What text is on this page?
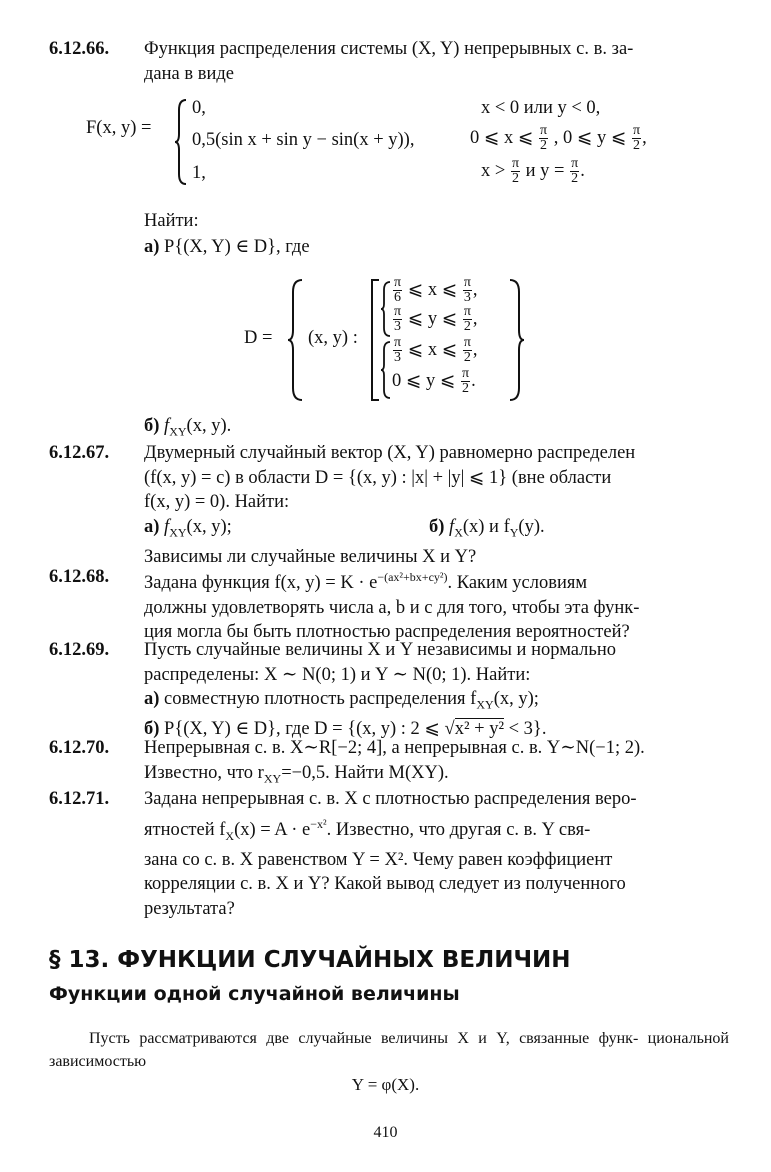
6.12.66. Функция распределения системы (X, Y) непрерывных с. в. за-

дана в виде

F(x, y) =
0,	x < 0 или y < 0,
0,5(sin x + sin y − sin(x + y)),	0 ⩽ x ⩽ $\frac{\pi}{2}$ , 0 ⩽ y ⩽ $\frac{\pi}{2}$ ,
1,	$x > \frac{\pi}{2}$ и $y = \frac{\pi}{2}$ .
Найти:
а) P{(X, Y) ∈ D}, где
D = (x, y) :
$\frac{\pi}{6}$ ⩽ x ⩽ $\frac{\pi}{3}$ ,
$\frac{\pi}{3}$ ⩽ y ⩽ $\frac{\pi}{2}$ ,
$\frac{\pi}{3}$ ⩽ x ⩽ $\frac{\pi}{2}$ ,
0 ⩽ y ⩽ $\frac{\pi}{2}$ .
б) $f_{XY}(x$, y).
6.12.67. Двумерный случайный вектор (X, Y) равномерно распределен

(f(x, y) = c) в области D = {(x, y) : |x| + |y| ⩽ 1} (вне области

f(x, y) = 0). Найти:

а) $f_{XY}(x$, y);	б) $f_X(x)$ и $f_Y(y)$.

Зависимы ли случайные величины X и Y?

6.12.68. Задана функция f(x, $y) = K \cdot e^{-(ax^2+bx+cy^2)}$. Каким условиям

должны удовлетворять числа a, b и c для того, чтобы эта функ-

ция могла бы быть плотностью распределения вероятностей?

6.12.69. Пусть случайные величины X и Y независимы и нормально

распределены: X ∼ N(0; 1) и Y ∼ N(0; 1). Найти:

а) совместную плотность распределения $f_{XY}(x$, y);

б) P{(X, Y) ∈ D}, где D = {(x, y) : 2 ⩽ √x² + y² < 3}.

6.12.70. Непрерывная с. в. X∼R[−2; 4], а непрерывная с. в. Y∼N(−1; 2).

Известно, что $r_{XY}=-0,5$. Найти M(XY).

6.12.71. Задана непрерывная с. в. X с плотностью распределения веро-

ятностей $f_X(x) = A \cdot e^{-x^2}$. Известно, что другая с. в. Y свя-

зана со с. в. X равенством Y = X². Чему равен коэффициент

корреляции с. в. X и Y? Какой вывод следует из полученного

результата?

§ 13. ФУНКЦИИ СЛУЧАЙНЫХ ВЕЛИЧИН
Функции одной случайной величины
Пусть рассматриваются две случайные величины X и Y, связанные функ- циональной зависимостью
Y = φ(X).
410
